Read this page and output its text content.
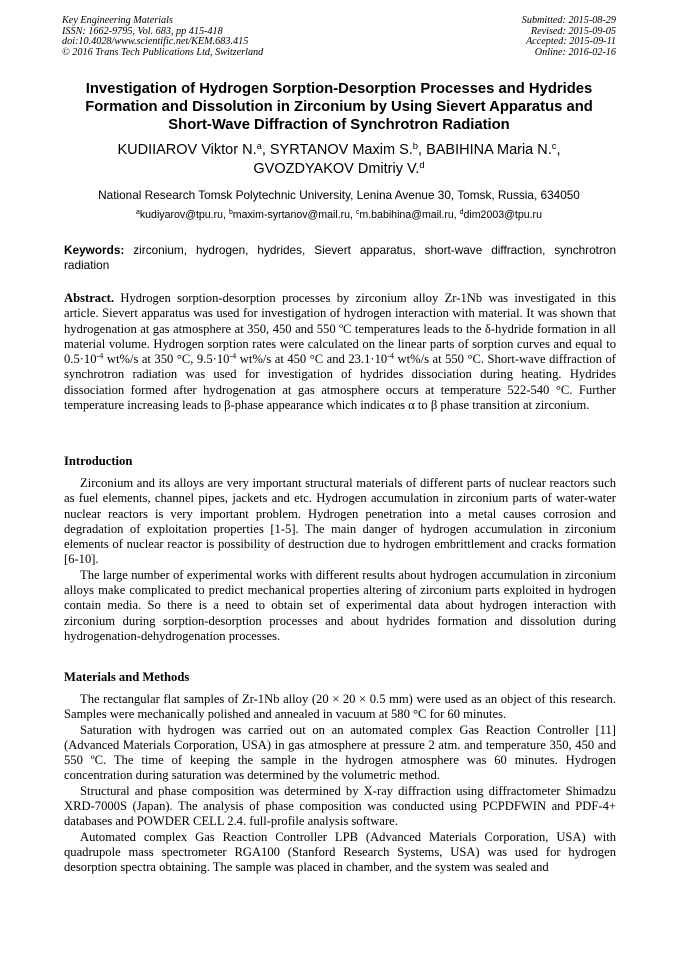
Key Engineering Materials
ISSN: 1662-9795, Vol. 683, pp 415-418
doi:10.4028/www.scientific.net/KEM.683.415
© 2016 Trans Tech Publications Ltd, Switzerland
Submitted: 2015-08-29
Revised: 2015-09-05
Accepted: 2015-09-11
Online: 2016-02-16
Investigation of Hydrogen Sorption-Desorption Processes and Hydrides
Formation and Dissolution in Zirconium by Using Sievert Apparatus and
Short-Wave Diffraction of Synchrotron Radiation
KUDIIAROV Viktor N.$^a$, SYRTANOV Maxim S.$^b$, BABIHINA Maria N.$^c$,
GVOZDYAKOV Dmitriy V.$^d$
National Research Tomsk Polytechnic University, Lenina Avenue 30, Tomsk, Russia, 634050
$^a$kudiyarov@tpu.ru, $^b$maxim-syrtanov@mail.ru, $^c$m.babihina@mail.ru, $^d$dim2003@tpu.ru
Keywords: zirconium, hydrogen, hydrides, Sievert apparatus, short-wave diffraction, synchrotron radiation

Abstract. Hydrogen sorption-desorption processes by zirconium alloy Zr-1Nb was investigated in this article. Sievert apparatus was used for investigation of hydrogen interaction with material. It was shown that hydrogenation at gas atmosphere at 350, 450 and 550 ºC temperatures leads to the δ-hydride formation in all material volume. Hydrogen sorption rates were calculated on the linear parts of sorption curves and equal to $0.5\cdot 10^{-4}$ wt%/s at 350 °C, $9.5\cdot 10^{-4}$ wt%/s at 450 °C and $23.1\cdot 10^{-4}$ wt%/s at 550 °C. Short-wave diffraction of synchrotron radiation was used for investigation of hydrides dissociation during heating. Hydrides dissociation formed after hydrogenation at gas atmosphere occurs at temperature 522-540 °C. Further temperature increasing leads to β-phase appearance which indicates α to β phase transition at zirconium.

Introduction

Zirconium and its alloys are very important structural materials of different parts of nuclear reactors such as fuel elements, channel pipes, jackets and etc. Hydrogen accumulation in zirconium parts of water-water nuclear reactors is very important problem. Hydrogen penetration into a metal causes corrosion and degradation of exploitation properties [1-5]. The main danger of hydrogen accumulation in zirconium elements of nuclear reactor is possibility of destruction due to hydrogen embrittlement and cracks formation [6-10].

The large number of experimental works with different results about hydrogen accumulation in zirconium alloys make complicated to predict mechanical properties altering of zirconium parts exploited in hydrogen contain media. So there is a need to obtain set of experimental data about hydrogen interaction with zirconium during sorption-desorption processes and about hydrides formation and dissolution during hydrogenation-dehydrogenation processes.

Materials and Methods

The rectangular flat samples of Zr-1Nb alloy (20 × 20 × 0.5 mm) were used as an object of this research. Samples were mechanically polished and annealed in vacuum at 580 °C for 60 minutes.

Saturation with hydrogen was carried out on an automated complex Gas Reaction Controller [11] (Advanced Materials Corporation, USA) in gas atmosphere at pressure 2 atm. and temperature 350, 450 and 550 ºC. The time of keeping the sample in the hydrogen atmosphere was 60 minutes. Hydrogen concentration during saturation was determined by the volumetric method.

Structural and phase composition was determined by X-ray diffraction using diffractometer Shimadzu XRD-7000S (Japan). The analysis of phase composition was conducted using PCPDFWIN and PDF-4+ databases and POWDER CELL 2.4. full-profile analysis software.

Automated complex Gas Reaction Controller LPB (Advanced Materials Corporation, USA) with quadrupole mass spectrometer RGA100 (Stanford Research Systems, USA) was used for hydrogen desorption spectra obtaining. The sample was placed in chamber, and the system was sealed and
